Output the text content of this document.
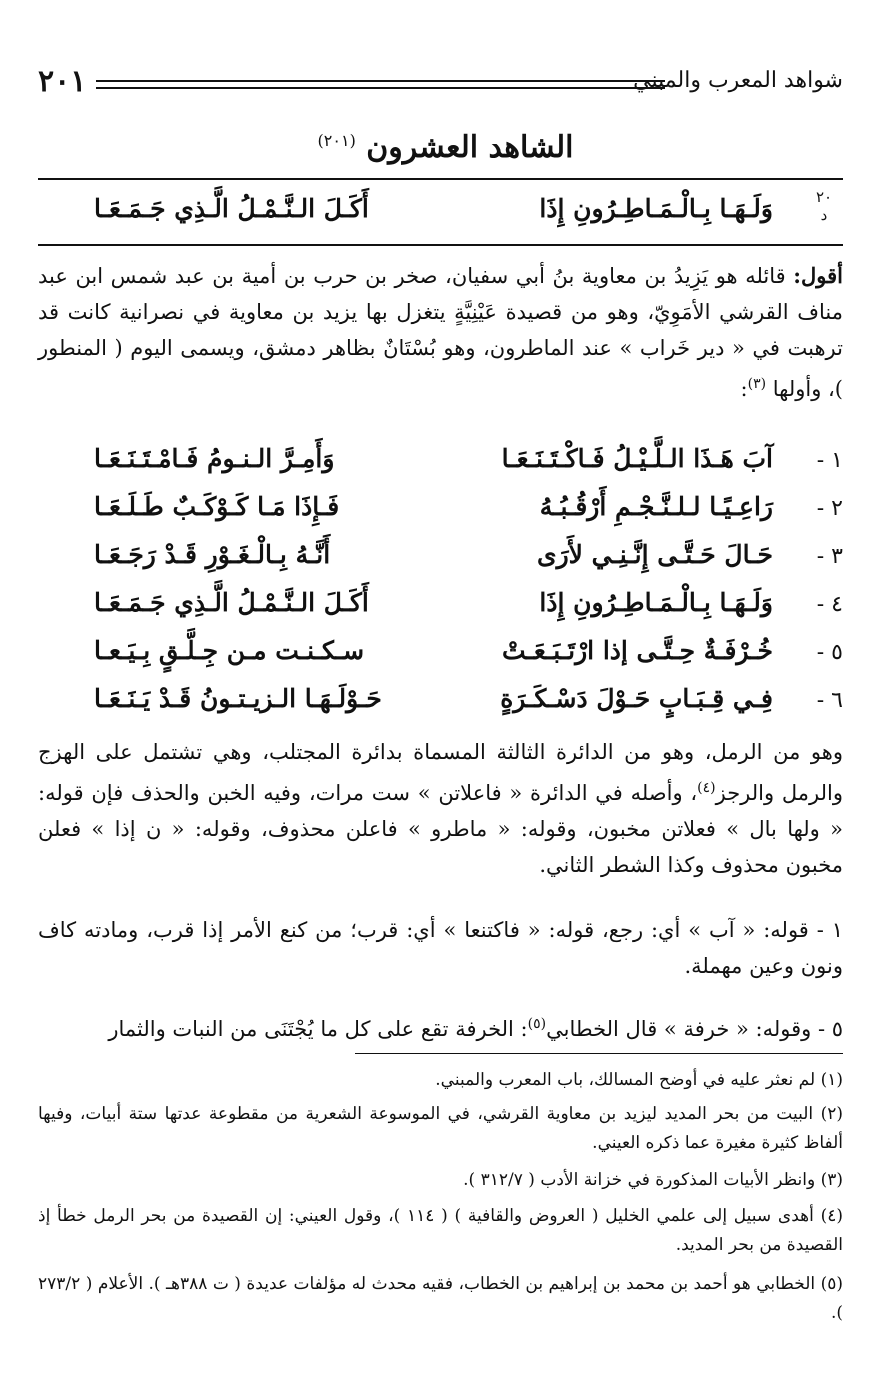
شواهد المعرب والمبني
٢٠١
الشاهد العشرون $^{(٢٠١)}$
٢٠
د
وَلَـهَـا بِـالْـمَـاطِـرُونِ إِذَا
أَكَـلَ الـنَّـمْـلُ الَّـذِي جَـمَـعَـا
أقول: قائله هو يَزِيدُ بن معاوية بنُ أبي سفيان، صخر بن حرب بن أمية بن عبد شمس ابن عبد مناف القرشي الأمَوِيّ، وهو من قصيدة عَيْنِيَّةٍ يتغزل بها يزيد بن معاوية في نصرانية كانت قد ترهبت في « دير خَراب » عند الماطرون، وهو بُسْتَانٌ بظاهر دمشق، ويسمى اليوم ( المنطور )، وأولها $^{(٣)}$:
١ -
آبَ هَـذَا الـلَّـيْـلُ فَـاكْـتَـنَـعَـا
وَأَمِـرَّ الـنـومُ فَـامْـتَـنَـعَـا
٢ -
رَاعِـيًـا لـلـنَّـجْـمِ أَرْقُـبُـهُ
فَـإِذَا مَـا كَـوْكَـبٌ طَـلَـعَـا
٣ -
حَـالَ حَـتَّـى إِنَّـنِـي لأَرَى
أَنَّـهُ بِـالْـغَـوْرِ قَـدْ رَجَـعَـا
٤ -
وَلَـهَـا بِـالْـمَـاطِـرُونِ إِذَا
أَكَـلَ الـنَّـمْـلُ الَّـذِي جَـمَـعَـا
٥ -
خُـرْفَـةٌ حِـتَّـى إذا ارْتَـبَـعَـتْ
سـكـنـت مـن جِـلَّـقٍ بِـيَـعـا
٦ -
فِـي قِـبَـابٍ حَـوْلَ دَسْـكَـرَةٍ
حَـوْلَـهَـا الـزيـتـونُ قَـدْ يَـنَـعَـا
وهو من الرمل، وهو من الدائرة الثالثة المسماة بدائرة المجتلب، وهي تشتمل على الهزج والرمل والرجز$^{(٤)}$، وأصله في الدائرة « فاعلاتن » ست مرات، وفيه الخبن والحذف فإن قوله: « ولها بال » فعلاتن مخبون، وقوله: « ماطرو » فاعلن محذوف، وقوله: « ن إذا » فعلن مخبون محذوف وكذا الشطر الثاني.
١ - قوله: « آب » أي: رجع، قوله: « فاكتنعا » أي: قرب؛ من كنع الأمر إذا قرب، ومادته كاف ونون وعين مهملة.
٥ - وقوله: « خرفة » قال الخطابي$^{(٥)}$: الخرفة تقع على كل ما يُجْتَنَى من النبات والثمار
(١) لم نعثر عليه في أوضح المسالك، باب المعرب والمبني.
(٢) البيت من بحر المديد ليزيد بن معاوية القرشي، في الموسوعة الشعرية من مقطوعة عدتها ستة أبيات، وفيها ألفاظ كثيرة مغيرة عما ذكره العيني.
(٣) وانظر الأبيات المذكورة في خزانة الأدب ( ٣١٢/٧ ).
(٤) أهدى سبيل إلى علمي الخليل ( العروض والقافية ) ( ١١٤ )، وقول العيني: إن القصيدة من بحر الرمل خطأ إذ القصيدة من بحر المديد.
(٥) الخطابي هو أحمد بن محمد بن إبراهيم بن الخطاب، فقيه محدث له مؤلفات عديدة ( ت ٣٨٨هـ ). الأعلام ( ٢٧٣/٢ ).
